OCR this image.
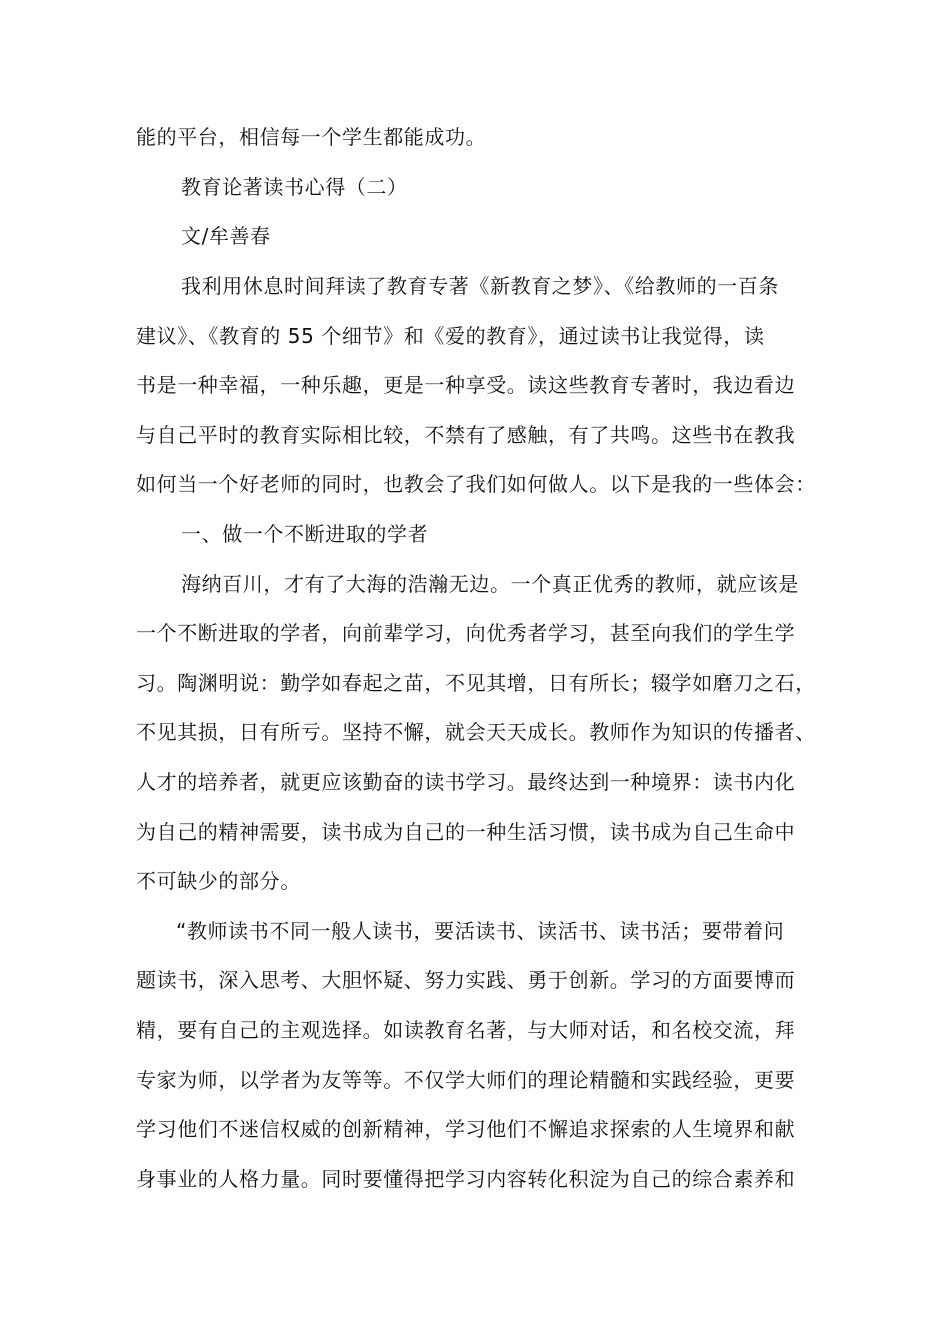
能的平台，相信每一个学生都能成功。
教育论著读书心得（二）
文/牟善春
我利用休息时间拜读了教育专著《新教育之梦》、《给教师的一百条
建议》、《教育的 55 个细节》和《爱的教育》，通过读书让我觉得，读
书是一种幸福，一种乐趣，更是一种享受。读这些教育专著时，我边看边
与自己平时的教育实际相比较，不禁有了感触，有了共鸣。这些书在教我
如何当一个好老师的同时，也教会了我们如何做人。以下是我的一些体会：
一、做一个不断进取的学者
海纳百川，才有了大海的浩瀚无边。一个真正优秀的教师，就应该是
一个不断进取的学者，向前辈学习，向优秀者学习，甚至向我们的学生学
习。陶渊明说：勤学如春起之苗，不见其增，日有所长；辍学如磨刀之石，
不见其损，日有所亏。坚持不懈，就会天天成长。教师作为知识的传播者、
人才的培养者，就更应该勤奋的读书学习。最终达到一种境界：读书内化
为自己的精神需要，读书成为自己的一种生活习惯，读书成为自己生命中
不可缺少的部分。
“教师读书不同一般人读书，要活读书、读活书、读书活；要带着问
题读书，深入思考、大胆怀疑、努力实践、勇于创新。学习的方面要博而
精，要有自己的主观选择。如读教育名著，与大师对话，和名校交流，拜
专家为师，以学者为友等等。不仅学大师们的理论精髓和实践经验，更要
学习他们不迷信权威的创新精神，学习他们不懈追求探索的人生境界和献
身事业的人格力量。同时要懂得把学习内容转化积淀为自己的综合素养和
